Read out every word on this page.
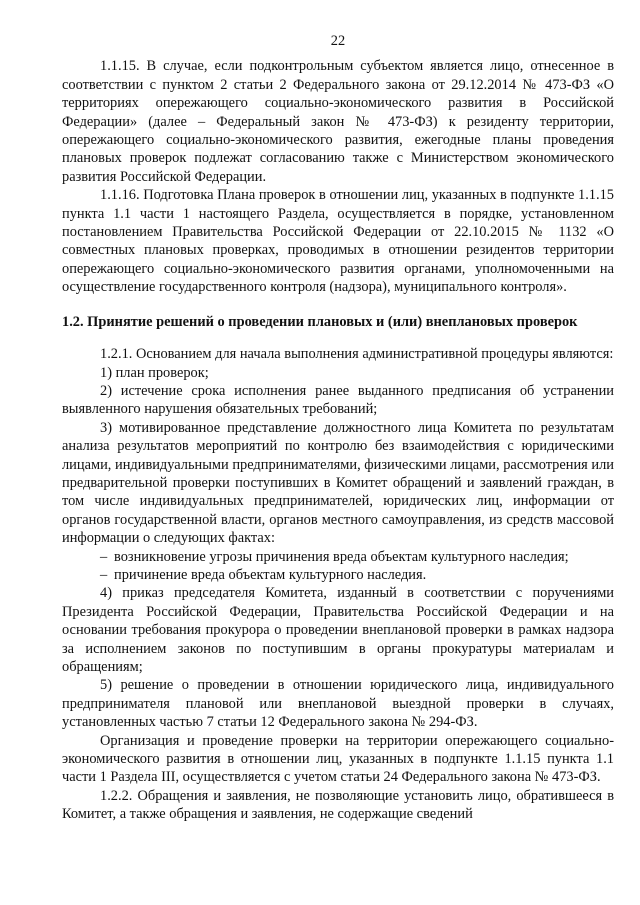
22

1.1.15. В случае, если подконтрольным субъектом является лицо, отнесенное в соответствии с пунктом 2 статьи 2 Федерального закона от 29.12.2014 № 473-ФЗ «О территориях опережающего социально-экономического развития в Российской Федерации» (далее – Федеральный закон № 473-ФЗ) к резиденту территории, опережающего социально-экономического развития, ежегодные планы проведения плановых проверок подлежат согласованию также с Министерством экономического развития Российской Федерации.

1.1.16. Подготовка Плана проверок в отношении лиц, указанных в подпункте 1.1.15 пункта 1.1 части 1 настоящего Раздела, осуществляется в порядке, установленном постановлением Правительства Российской Федерации от 22.10.2015 № 1132 «О совместных плановых проверках, проводимых в отношении резидентов территории опережающего социально-экономического развития органами, уполномоченными на осуществление государственного контроля (надзора), муниципального контроля».

1.2. Принятие решений о проведении плановых и (или) внеплановых проверок

1.2.1. Основанием для начала выполнения административной процедуры являются:

1) план проверок;

2) истечение срока исполнения ранее выданного предписания об устранении выявленного нарушения обязательных требований;

3) мотивированное представление должностного лица Комитета по результатам анализа результатов мероприятий по контролю без взаимодействия с юридическими лицами, индивидуальными предпринимателями, физическими лицами, рассмотрения или предварительной проверки поступивших в Комитет обращений и заявлений граждан, в том числе индивидуальных предпринимателей, юридических лиц, информации от органов государственной власти, органов местного самоуправления, из средств массовой информации о следующих фактах:

– возникновение угрозы причинения вреда объектам культурного наследия;

– причинение вреда объектам культурного наследия.

4) приказ председателя Комитета, изданный в соответствии с поручениями Президента Российской Федерации, Правительства Российской Федерации и на основании требования прокурора о проведении внеплановой проверки в рамках надзора за исполнением законов по поступившим в органы прокуратуры материалам и обращениям;

5) решение о проведении в отношении юридического лица, индивидуального предпринимателя плановой или внеплановой выездной проверки в случаях, установленных частью 7 статьи 12 Федерального закона № 294-ФЗ.

Организация и проведение проверки на территории опережающего социально-экономического развития в отношении лиц, указанных в подпункте 1.1.15 пункта 1.1 части 1 Раздела III, осуществляется с учетом статьи 24 Федерального закона № 473-ФЗ.

1.2.2. Обращения и заявления, не позволяющие установить лицо, обратившееся в Комитет, а также обращения и заявления, не содержащие сведений
